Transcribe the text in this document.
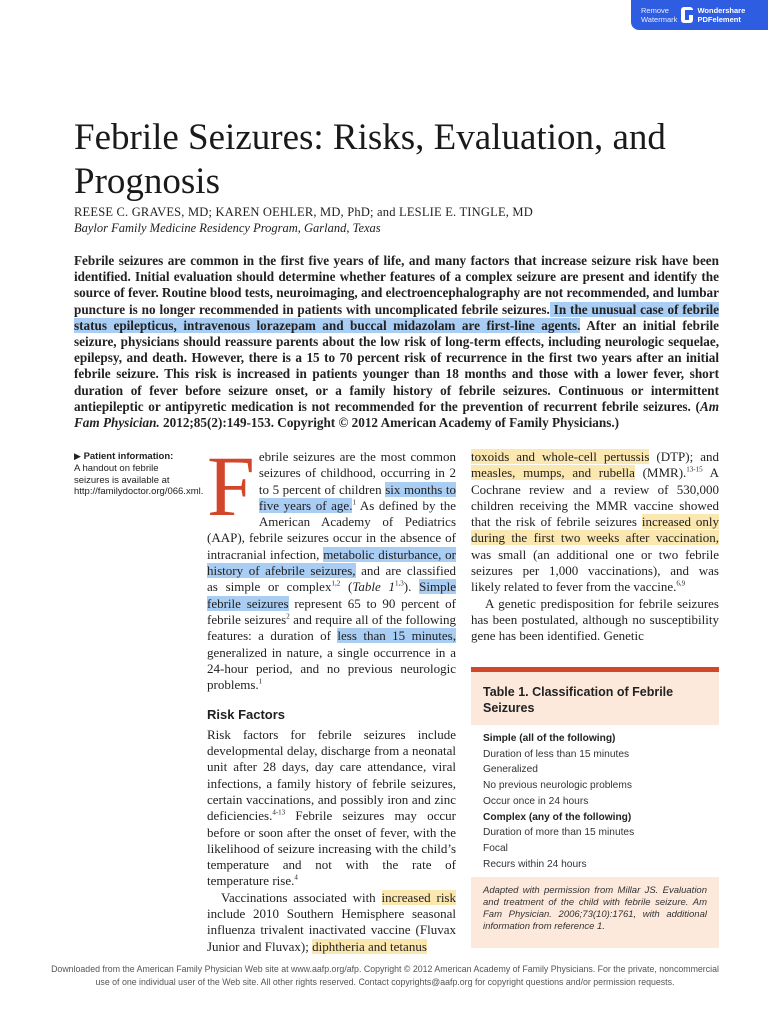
Remove Watermark
Wondershare PDFelement
Febrile Seizures: Risks, Evaluation, and Prognosis
REESE C. GRAVES, MD; KAREN OEHLER, MD, PhD; and LESLIE E. TINGLE, MD
Baylor Family Medicine Residency Program, Garland, Texas

Febrile seizures are common in the first five years of life, and many factors that increase seizure risk have been identified. Initial evaluation should determine whether features of a complex seizure are present and identify the source of fever. Routine blood tests, neuroimaging, and electroencephalography are not recommended, and lumbar puncture is no longer recommended in patients with uncomplicated febrile seizures. In the unusual case of febrile status epilepticus, intravenous lorazepam and buccal midazolam are first-line agents. After an initial febrile seizure, physicians should reassure parents about the low risk of long-term effects, including neurologic sequelae, epilepsy, and death. However, there is a 15 to 70 percent risk of recurrence in the first two years after an initial febrile seizure. This risk is increased in patients younger than 18 months and those with a lower fever, short duration of fever before seizure onset, or a family history of febrile seizures. Continuous or intermittent antiepileptic or antipyretic medication is not recommended for the prevention of recurrent febrile seizures. (Am Fam Physician. 2012;85(2):149-153. Copyright © 2012 American Academy of Family Physicians.)

▶ Patient information:
A handout on febrile seizures is available at http://familydoctor.org/066.xml. Febrile seizures are the most common seizures of childhood, occurring in 2 to 5 percent of children six months to five years of age.$^1$ As defined by the American Academy of Pediatrics (AAP), febrile seizures occur in the absence of intracranial infection, metabolic disturbance, or history of afebrile seizures, and are classified as simple or complex$^{1,2}$ (Table 1$^{1,3}$). Simple febrile seizures represent 65 to 90 percent of febrile seizures$^2$ and require all of the following features: a duration of less than 15 minutes, generalized in nature, a single occurrence in a 24-hour period, and no previous neurologic problems.$^1$

Risk Factors

Risk factors for febrile seizures include developmental delay, discharge from a neonatal unit after 28 days, day care attendance, viral infections, a family history of febrile seizures, certain vaccinations, and possibly iron and zinc deficiencies.$^{4-13}$ Febrile seizures may occur before or soon after the onset of fever, with the likelihood of seizure increasing with the child’s temperature and not with the rate of temperature rise.$^4$

Vaccinations associated with increased risk include 2010 Southern Hemisphere seasonal influenza trivalent inactivated vaccine (Fluvax Junior and Fluvax); diphtheria and tetanus

toxoids and whole-cell pertussis (DTP); and measles, mumps, and rubella (MMR).$^{13-15}$ A Cochrane review and a review of 530,000 children receiving the MMR vaccine showed that the risk of febrile seizures increased only during the first two weeks after vaccination, was small (an additional one or two febrile seizures per 1,000 vaccinations), and was likely related to fever from the vaccine.$^{6,9}$

A genetic predisposition for febrile seizures has been postulated, although no susceptibility gene has been identified. Genetic

Table 1. Classification of Febrile Seizures
Simple (all of the following)
Duration of less than 15 minutes
Generalized
No previous neurologic problems
Occur once in 24 hours
Complex (any of the following)
Duration of more than 15 minutes
Focal
Recurs within 24 hours
Adapted with permission from Millar JS. Evaluation and treatment of the child with febrile seizure. Am Fam Physician. 2006;73(10):1761, with additional information from reference 1.
Downloaded from the American Family Physician Web site at www.aafp.org/afp. Copyright © 2012 American Academy of Family Physicians. For the private, noncommercial
use of one individual user of the Web site. All other rights reserved. Contact copyrights@aafp.org for copyright questions and/or permission requests.
